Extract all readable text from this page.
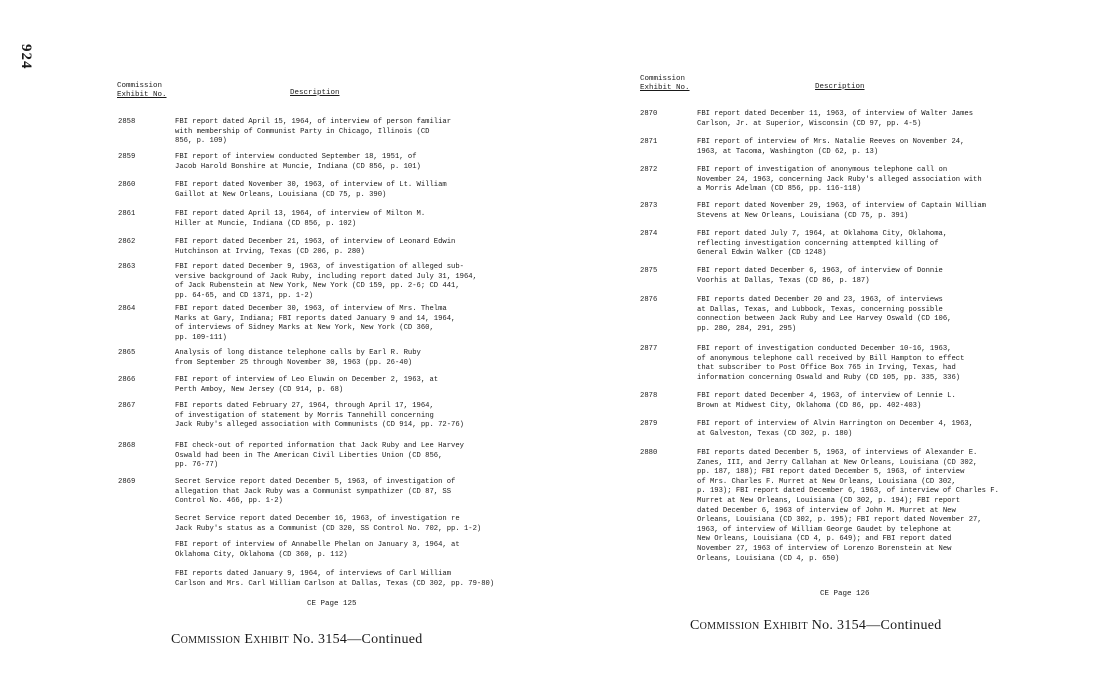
924
Commission
Exhibit No.	Description
2858	FBI report dated April 15, 1964, of interview of person familiar
with membership of Communist Party in Chicago, Illinois (CD
856, p. 109)
2859	FBI report of interview conducted September 18, 1951, of
Jacob Harold Bonshire at Muncie, Indiana (CD 856, p. 101)
2860	FBI report dated November 30, 1963, of interview of Lt. William
Gaillot at New Orleans, Louisiana (CD 75, p. 390)
2861	FBI report dated April 13, 1964, of interview of Milton M.
Hiller at Muncie, Indiana (CD 856, p. 102)
2862	FBI report dated December 21, 1963, of interview of Leonard Edwin
Hutchinson at Irving, Texas (CD 206, p. 280)
2863	FBI report dated December 9, 1963, of investigation of alleged sub-
versive background of Jack Ruby, including report dated July 31, 1964,
of Jack Rubenstein at New York, New York (CD 159, pp. 2-6; CD 441,
pp. 64-65, and CD 1371, pp. 1-2)
2864	FBI report dated December 30, 1963, of interview of Mrs. Thelma
Marks at Gary, Indiana; FBI reports dated January 9 and 14, 1964,
of interviews of Sidney Marks at New York, New York (CD 360,
pp. 109-111)
2865	Analysis of long distance telephone calls by Earl R. Ruby
from September 25 through November 30, 1963 (pp. 26-40)
2866	FBI report of interview of Leo Eluwin on December 2, 1963, at
Perth Amboy, New Jersey (CD 914, p. 68)
2867	FBI reports dated February 27, 1964, through April 17, 1964,
of investigation of statement by Morris Tannehill concerning
Jack Ruby's alleged association with Communists (CD 914, pp. 72-76)
2868	FBI check-out of reported information that Jack Ruby and Lee Harvey
Oswald had been in The American Civil Liberties Union (CD 856,
pp. 76-77)
2869	Secret Service report dated December 5, 1963, of investigation of
allegation that Jack Ruby was a Communist sympathizer (CD 87, SS
Control No. 466, pp. 1-2)
Secret Service report dated December 16, 1963, of investigation re
Jack Ruby's status as a Communist (CD 320, SS Control No. 702, pp. 1-2)
FBI report of interview of Annabelle Phelan on January 3, 1964, at
Oklahoma City, Oklahoma (CD 360, p. 112)
FBI reports dated January 9, 1964, of interviews of Carl William
Carlson and Mrs. Carl William Carlson at Dallas, Texas (CD 302, pp. 79-80)
CE Page 125
Commission Exhibit No. 3154—Continued
Commission
Exhibit No.	Description
2870	FBI report dated December 11, 1963, of interview of Walter James
Carlson, Jr. at Superior, Wisconsin (CD 97, pp. 4-5)
2871	FBI report of interview of Mrs. Natalie Reeves on November 24,
1963, at Tacoma, Washington (CD 62, p. 13)
2872	FBI report of investigation of anonymous telephone call on
November 24, 1963, concerning Jack Ruby's alleged association with
a Morris Adelman (CD 856, pp. 116-118)
2873	FBI report dated November 29, 1963, of interview of Captain William
Stevens at New Orleans, Louisiana (CD 75, p. 391)
2874	FBI report dated July 7, 1964, at Oklahoma City, Oklahoma,
reflecting investigation concerning attempted killing of
General Edwin Walker (CD 1248)
2875	FBI report dated December 6, 1963, of interview of Donnie
Voorhis at Dallas, Texas (CD 86, p. 187)
2876	FBI reports dated December 20 and 23, 1963, of interviews
at Dallas, Texas, and Lubbock, Texas, concerning possible
connection between Jack Ruby and Lee Harvey Oswald (CD 106,
pp. 280, 284, 291, 295)
2877	FBI report of investigation conducted December 10-16, 1963,
of anonymous telephone call received by Bill Hampton to effect
that subscriber to Post Office Box 765 in Irving, Texas, had
information concerning Oswald and Ruby (CD 105, pp. 335, 336)
2878	FBI report dated December 4, 1963, of interview of Lennie L.
Brown at Midwest City, Oklahoma (CD 86, pp. 402-403)
2879	FBI report of interview of Alvin Harrington on December 4, 1963,
at Galveston, Texas (CD 302, p. 180)
2880	FBI reports dated December 5, 1963, of interviews of Alexander E.
Zanes, III, and Jerry Callahan at New Orleans, Louisiana (CD 302,
pp. 187, 188); FBI report dated December 5, 1963, of interview
of Mrs. Charles F. Murret at New Orleans, Louisiana (CD 302,
p. 193); FBI report dated December 6, 1963, of interview of Charles F.
Murret at New Orleans, Louisiana (CD 302, p. 194); FBI report
dated December 6, 1963 of interview of John M. Murret at New
Orleans, Louisiana (CD 302, p. 195); FBI report dated November 27,
1963, of interview of William George Gaudet by telephone at
New Orleans, Louisiana (CD 4, p. 649); and FBI report dated
November 27, 1963 of interview of Lorenzo Borenstein at New
Orleans, Louisiana (CD 4, p. 650)
CE Page 126
Commission Exhibit No. 3154—Continued
